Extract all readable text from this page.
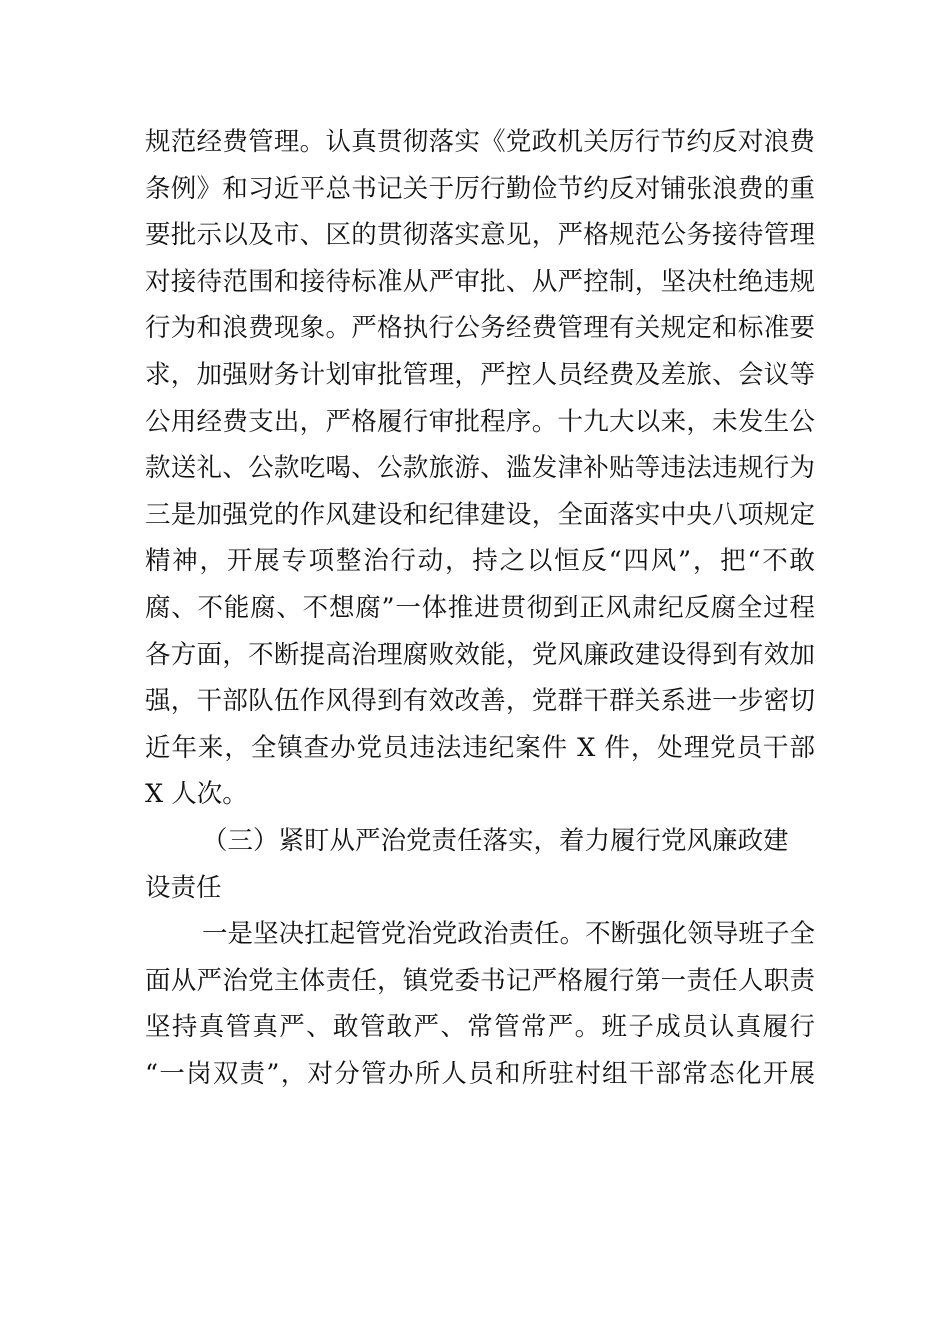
规范经费管理。认真贯彻落实《党政机关厉行节约反对浪费
条例》和习近平总书记关于厉行勤俭节约反对铺张浪费的重
要批示以及市、区的贯彻落实意见，严格规范公务接待管理
对接待范围和接待标准从严审批、从严控制，坚决杜绝违规
行为和浪费现象。严格执行公务经费管理有关规定和标准要
求，加强财务计划审批管理，严控人员经费及差旅、会议等
公用经费支出，严格履行审批程序。十九大以来，未发生公
款送礼、公款吃喝、公款旅游、滥发津补贴等违法违规行为
三是加强党的作风建设和纪律建设，全面落实中央八项规定
精神，开展专项整治行动，持之以恒反“四风”，把“不敢
腐、不能腐、不想腐”一体推进贯彻到正风肃纪反腐全过程
各方面，不断提高治理腐败效能，党风廉政建设得到有效加
强，干部队伍作风得到有效改善，党群干群关系进一步密切
近年来，全镇查办党员违法违纪案件 X 件，处理党员干部
X 人次。
（三）紧盯从严治党责任落实，着力履行党风廉政建
设责任
一是坚决扛起管党治党政治责任。不断强化领导班子全
面从严治党主体责任，镇党委书记严格履行第一责任人职责
坚持真管真严、敢管敢严、常管常严。班子成员认真履行
“一岗双责”，对分管办所人员和所驻村组干部常态化开展
